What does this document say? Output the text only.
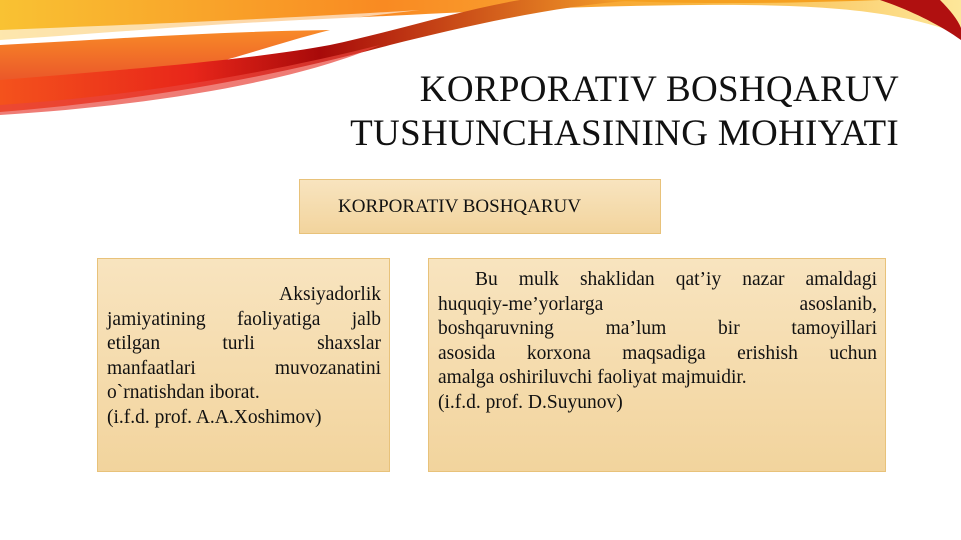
KORPORATIV BOSHQARUV
TUSHUNCHASINING MOHIYATI
KORPORATIV BOSHQARUV
Aksiyadorlik
jamiyatining faoliyatiga jalb
etilgan turli shaxslar
manfaatlari muvozanatini
o`rnatishdan iborat.
(i.f.d. prof. A.A.Xoshimov)
Bu mulk shaklidan qat’iy nazar amaldagi
huquqiy-me’yorlarga asoslanib,
boshqaruvning ma’lum bir tamoyillari
asosida korxona maqsadiga erishish uchun
amalga oshiriluvchi faoliyat majmuidir.
(i.f.d. prof. D.Suyunov)
